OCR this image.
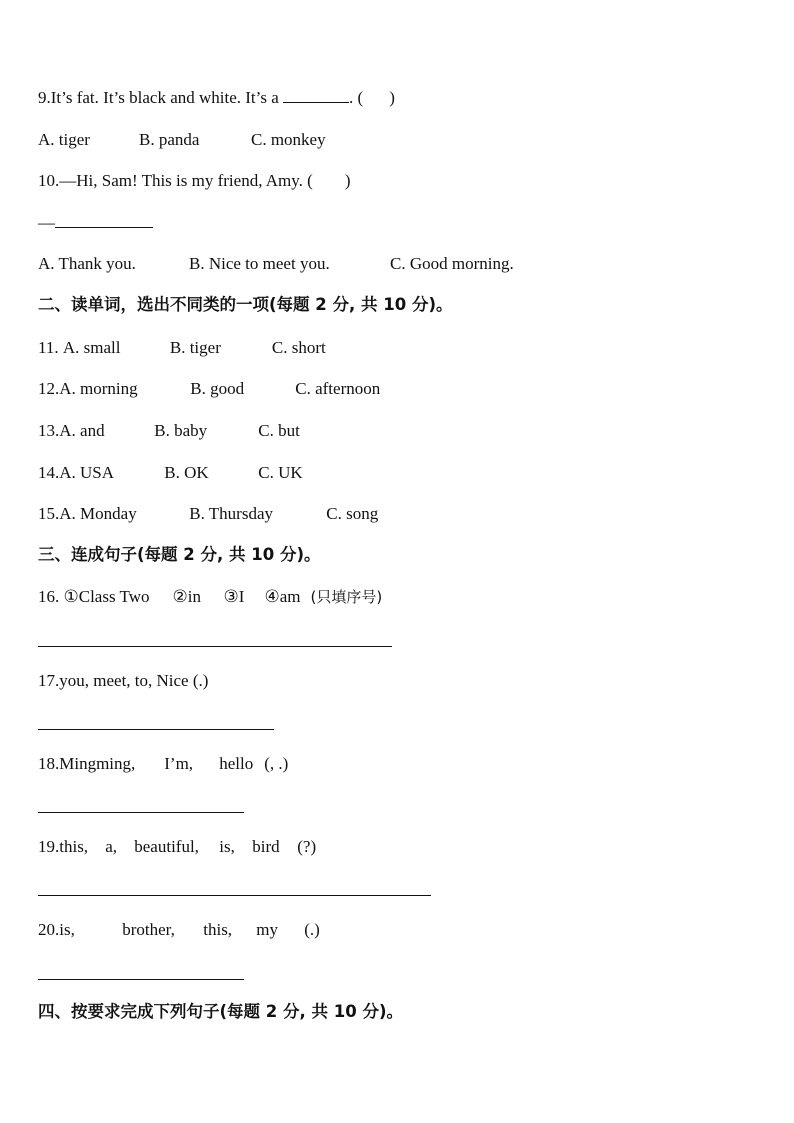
9.It’s fat. It’s black and white. It’s a	. ( )
A. tiger	B. panda	C. monkey
10.—Hi, Sam! This is my friend, Amy. ( )
—
A. Thank you.	B. Nice to meet you.	C. Good morning.
二、读单词，选出不同类的一项(每题 2 分, 共 10 分)。
11. A. small	B. tiger	C. short
12.A. morning	B. good	C. afternoon
13.A. and	B. baby	C. but
14.A. USA	B. OK	C. UK
15.A. Monday	B. Thursday	C. song
三、连成句子(每题 2 分, 共 10 分)。
16. ①Class Two ②in ③I ④am (只填序号)
17.you, meet, to, Nice (.)
18.Mingming, I’m, hello (, .)
19.this, a, beautiful, is, bird (?)
20.is,	brother, this, my (.)
四、按要求完成下列句子(每题 2 分, 共 10 分)。
